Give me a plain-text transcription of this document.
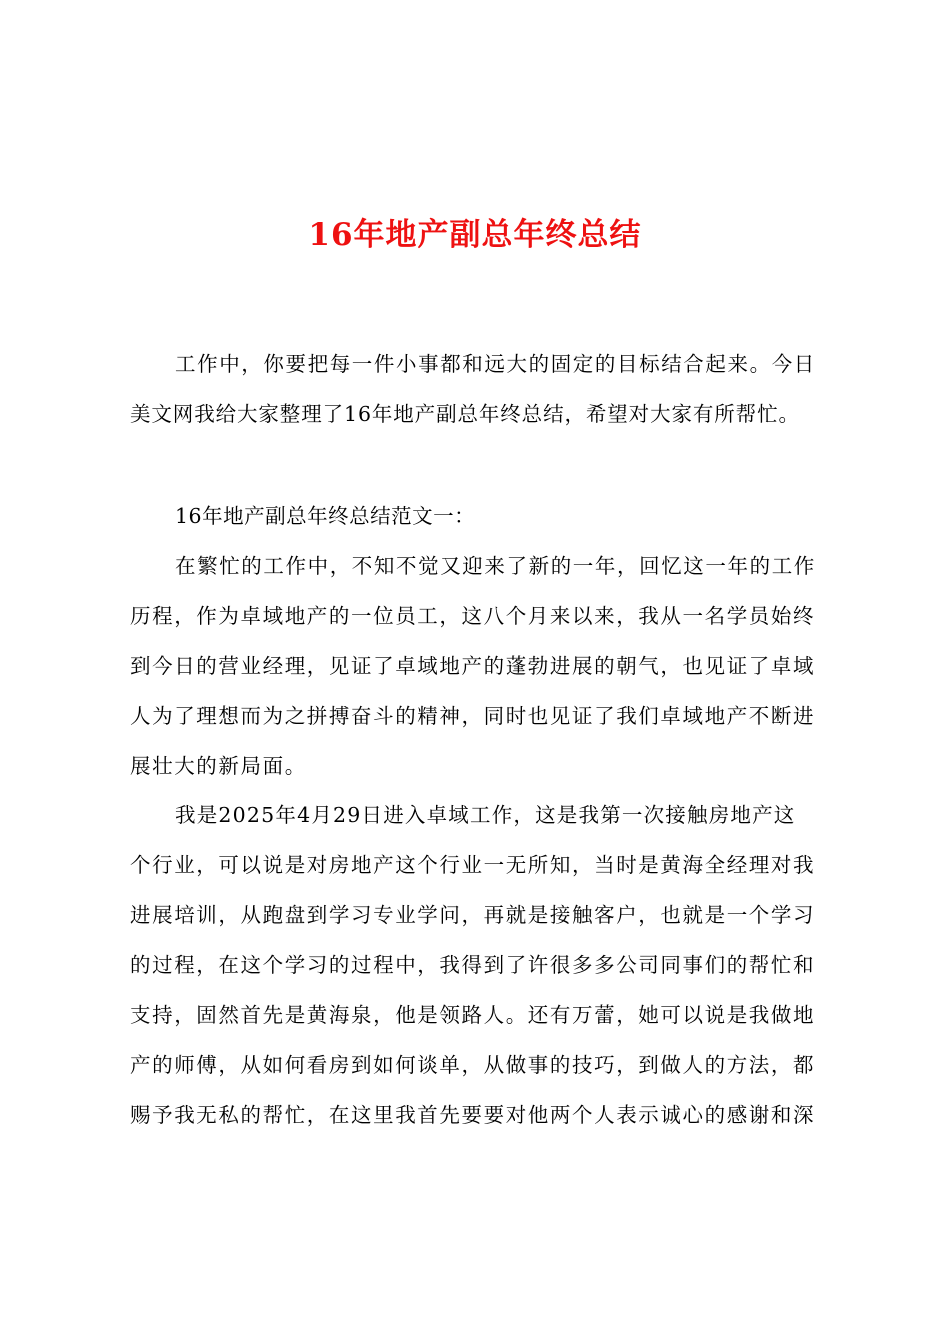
16年地产副总年终总结
工作中，你要把每一件小事都和远大的固定的目标结合起来。今日
美文网我给大家整理了16年地产副总年终总结，希望对大家有所帮忙。
16年地产副总年终总结范文一：
在繁忙的工作中，不知不觉又迎来了新的一年，回忆这一年的工作
历程，作为卓域地产的一位员工，这八个月来以来，我从一名学员始终
到今日的营业经理，见证了卓域地产的蓬勃进展的朝气，也见证了卓域
人为了理想而为之拼搏奋斗的精神，同时也见证了我们卓域地产不断进
展壮大的新局面。
我是2025年4月29日进入卓域工作，这是我第一次接触房地产这
个行业，可以说是对房地产这个行业一无所知，当时是黄海全经理对我
进展培训，从跑盘到学习专业学问，再就是接触客户，也就是一个学习
的过程，在这个学习的过程中，我得到了许很多多公司同事们的帮忙和
支持，固然首先是黄海泉，他是领路人。还有万蕾，她可以说是我做地
产的师傅，从如何看房到如何谈单，从做事的技巧，到做人的方法，都
赐予我无私的帮忙，在这里我首先要要对他两个人表示诚心的感谢和深
